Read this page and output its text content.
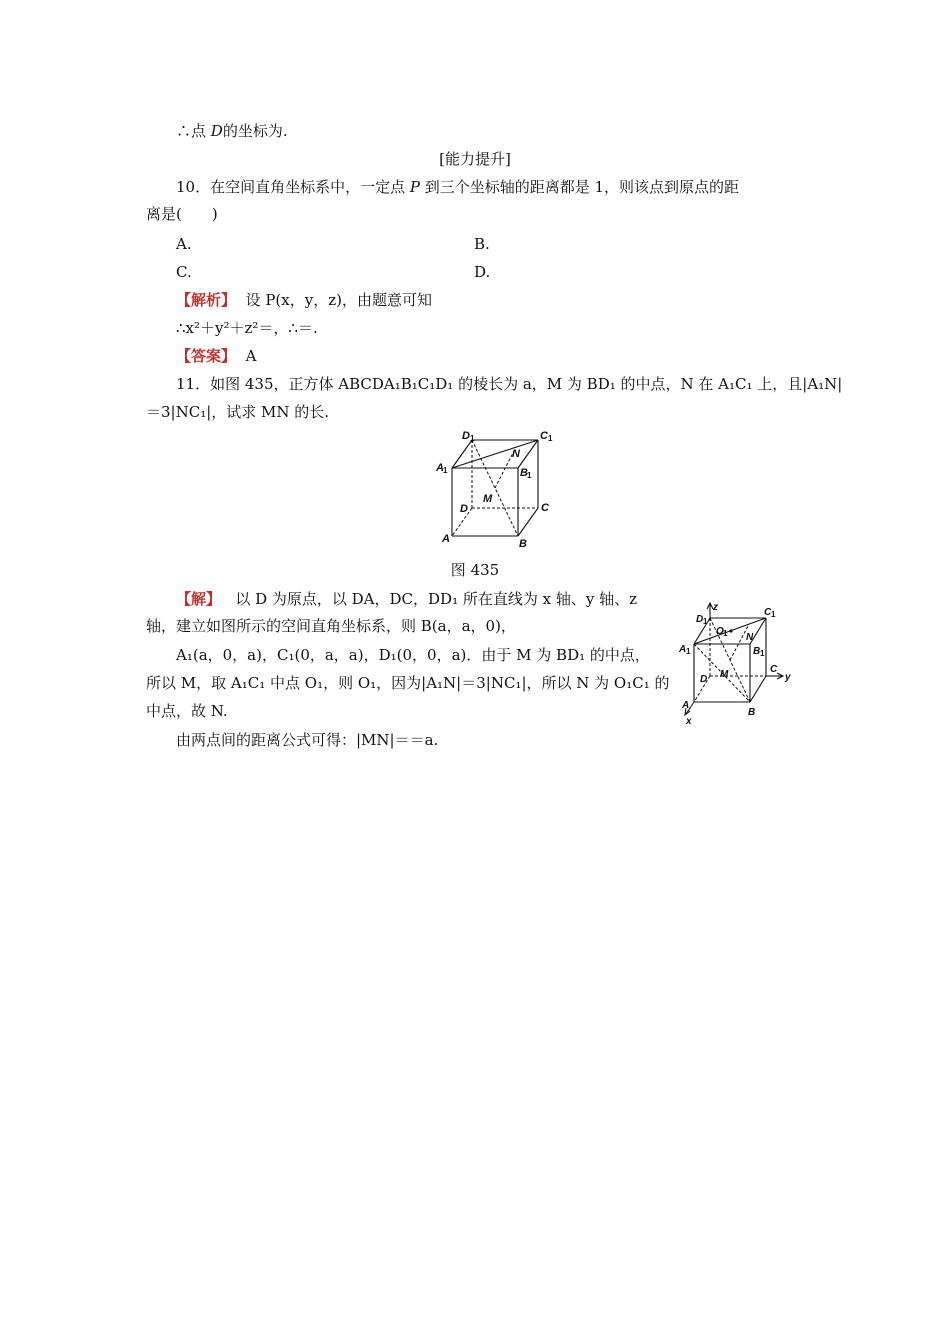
∴点 D的坐标为.
[能力提升]
10．在空间直角坐标系中，一定点 P 到三个坐标轴的距离都是 1，则该点到原点的距
离是(　　)
A.	B.
C.	D.
【解析】 设 P(x，y，z)，由题意可知
∴x²＋y²＋z²＝，∴＝.
【答案】 A
11．如图 435，正方体 ABCDA₁B₁C₁D₁ 的棱长为 a，M 为 BD₁ 的中点，N 在 A₁C₁ 上，且|A₁N|
＝3|NC₁|，试求 MN 的长.
D 1	C 1
A 1	B 1
N
M
D	C
A	B
图 435
【解】 以 D 为原点，以 DA，DC，DD₁ 所在直线为 x 轴、y 轴、z
轴，建立如图所示的空间直角坐标系，则 B(a，a，0)，
A₁(a，0，a)，C₁(0，a，a)，D₁(0，0，a)．由于 M 为 BD₁ 的中点，
所以 M，取 A₁C₁ 中点 O₁，则 O₁，因为|A₁N|＝3|NC₁|，所以 N 为 O₁C₁ 的
中点，故 N.
由两点间的距离公式可得：|MN|＝＝a.
z
y
x
D 1
C 1
A 1	B 1
O 1 N
M
D
C
A
B
